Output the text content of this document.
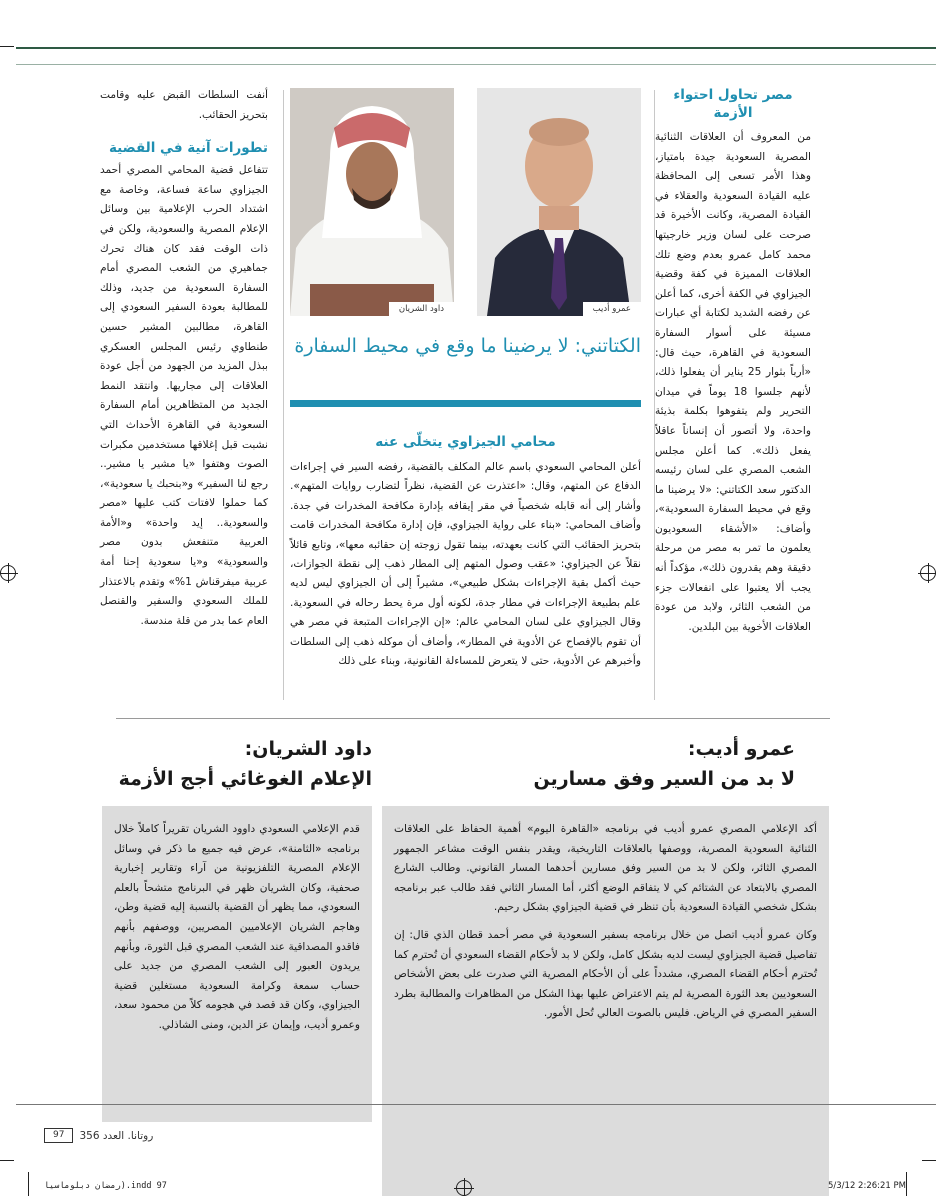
مصر تحاول احتواء الأزمة

من المعروف أن العلاقات الثنائية المصرية السعودية جيدة بامتياز، وهذا الأمر تسعى إلى المحافظة عليه القيادة السعودية والعقلاء في القيادة المصرية، وكانت الأخيرة قد صرحت على لسان وزير خارجيتها محمد كامل عمرو بعدم وضع تلك العلاقات المميزة في كفة وقضية الجيزاوي في الكفة أخرى، كما أعلن عن رفضه الشديد لكتابة أي عبارات مسيئة على أسوار السفارة السعودية في القاهرة، حيث قال: «أرباً بثوار 25 يناير أن يفعلوا ذلك، لأنهم جلسوا 18 يوماً في ميدان التحرير ولم يتفوهوا بكلمة بذيئة واحدة، ولا أتصور أن إنساناً عاقلاً يفعل ذلك». كما أعلن مجلس الشعب المصري على لسان رئيسه الدكتور سعد الكتاتني: «لا يرضينا ما وقع في محيط السفارة السعودية»، وأضاف: «الأشقاء السعوديون يعلمون ما تمر به مصر من مرحلة دقيقة وهم يقدرون ذلك»، مؤكداً أنه يجب ألا يعتبوا على انفعالات جزء من الشعب الثائر، ولابد من عودة العلاقات الأخوية بين البلدين.

عمرو أديب
داود الشريان
الكتاتني: لا يرضينا ما وقع في محيط السفارة
محامي الجيزاوي يتخلّى عنه
أعلن المحامي السعودي باسم عالم المكلف بالقضية، رفضه السير في إجراءات الدفاع عن المتهم، وقال: «اعتذرت عن القضية، نظراً لتضارب روايات المتهم». وأشار إلى أنه قابله شخصياً في مقر إيقافه بإدارة مكافحة المخدرات في جدة. وأضاف المحامي: «بناء على رواية الجيزاوي، فإن إدارة مكافحة المخدرات قامت بتحريز الحقائب التي كانت بعهدته، بينما تقول زوجته إن حقائبه معها»، وتابع قائلاً نقلاً عن الجيزاوي: «عقب وصول المتهم إلى المطار ذهب إلى نقطة الجوازات، حيث أكمل بقية الإجراءات بشكل طبيعي»، مشيراً إلى أن الجيزاوي ليس لديه علم بطبيعة الإجراءات في مطار جدة، لكونه أول مرة يحط رحاله في السعودية. وقال الجيزاوي على لسان المحامي عالم: «إن الإجراءات المتبعة في مصر هي أن تقوم بالإفصاح عن الأدوية في المطار»، وأضاف أن موكله ذهب إلى السلطات وأخبرهم عن الأدوية، حتى لا يتعرض للمساءلة القانونية، وبناء على ذلك

أنفت السلطات القبض عليه وقامت بتحريز الحقائب.

تطورات آنية في القضية

تتفاعل قضية المحامي المصري أحمد الجيزاوي ساعة فساعة، وخاصة مع اشتداد الحرب الإعلامية بين وسائل الإعلام المصرية والسعودية، ولكن في ذات الوقت فقد كان هناك تحرك جماهيري من الشعب المصري أمام السفارة السعودية من جديد، وذلك للمطالبة بعودة السفير السعودي إلى القاهرة، مطالبين المشير حسين طنطاوي رئيس المجلس العسكري ببذل المزيد من الجهود من أجل عودة العلاقات إلى مجاريها. وانتقد النمط الجديد من المتظاهرين أمام السفارة السعودية في القاهرة الأحداث التي نشبت قبل إغلاقها مستخدمين مكبرات الصوت وهتفوا «يا مشير يا مشير.. رجع لنا السفير» و«بنحبك يا سعودية»، كما حملوا لافتات كتب عليها «مصر والسعودية.. إيد واحدة» و«الأمة العربية متنفعش بدون مصر والسعودية» و«يا سعودية إحنا أمة عربية ميفرقناش 1%» وتقدم بالاعتذار للملك السعودي والسفير والقنصل العام عما بدر من قلة مندسة.

عمرو أديب:
لا بد من السير وفق مسارين
داود الشريان:
الإعلام الغوغائي أجج الأزمة

أكد الإعلامي المصري عمرو أديب في برنامجه «القاهرة اليوم» أهمية الحفاظ على العلاقات الثنائية السعودية المصرية، ووصفها بالعلاقات التاريخية، ويقدر بنفس الوقت مشاعر الجمهور المصري الثائر، ولكن لا بد من السير وفق مسارين أحدهما المسار القانوني. وطالب الشارع المصري بالابتعاد عن الشتائم كي لا يتفاقم الوضع أكثر، أما المسار الثاني فقد طالب عبر برنامجه بشكل شخصي القيادة السعودية بأن تنظر في قضية الجيزاوي بشكل رحيم.

وكان عمرو أديب اتصل من خلال برنامجه بسفير السعودية في مصر أحمد قطان الذي قال: إن تفاصيل قضية الجيزاوي ليست لديه بشكل كامل، ولكن لا بد لأحكام القضاء السعودي أن تُحترم كما تُحترم أحكام القضاء المصري، مشدداً على أن الأحكام المصرية التي صدرت على بعض الأشخاص السعوديين بعد الثورة المصرية لم يتم الاعتراض عليها بهذا الشكل من المظاهرات والمطالبة بطرد السفير المصري في الرياض. فليس بالصوت العالي تُحل الأمور.

قدم الإعلامي السعودي داوود الشريان تقريراً كاملاً خلال برنامجه «الثامنة»، عرض فيه جميع ما ذكر في وسائل الإعلام المصرية التلفزيونية من آراء وتقارير إخبارية صحفية، وكان الشريان ظهر في البرنامج متشحاً بالعلم السعودي، مما يظهر أن القضية بالنسبة إليه قضية وطن، وهاجم الشريان الإعلاميين المصريين، ووصفهم بأنهم فاقدو المصداقية عند الشعب المصري قبل الثورة، وبأنهم يريدون العبور إلى الشعب المصري من جديد على حساب سمعة وكرامة السعودية مستغلين قضية الجيزاوي، وكان قد قصد في هجومه كلاً من محمود سعد، وعمرو أديب، وإيمان عز الدين، ومنى الشاذلي.

روتانا. العدد 356
97
رمضان دبلوماسيا).indd 97	5/3/12 2:26:21 PM
